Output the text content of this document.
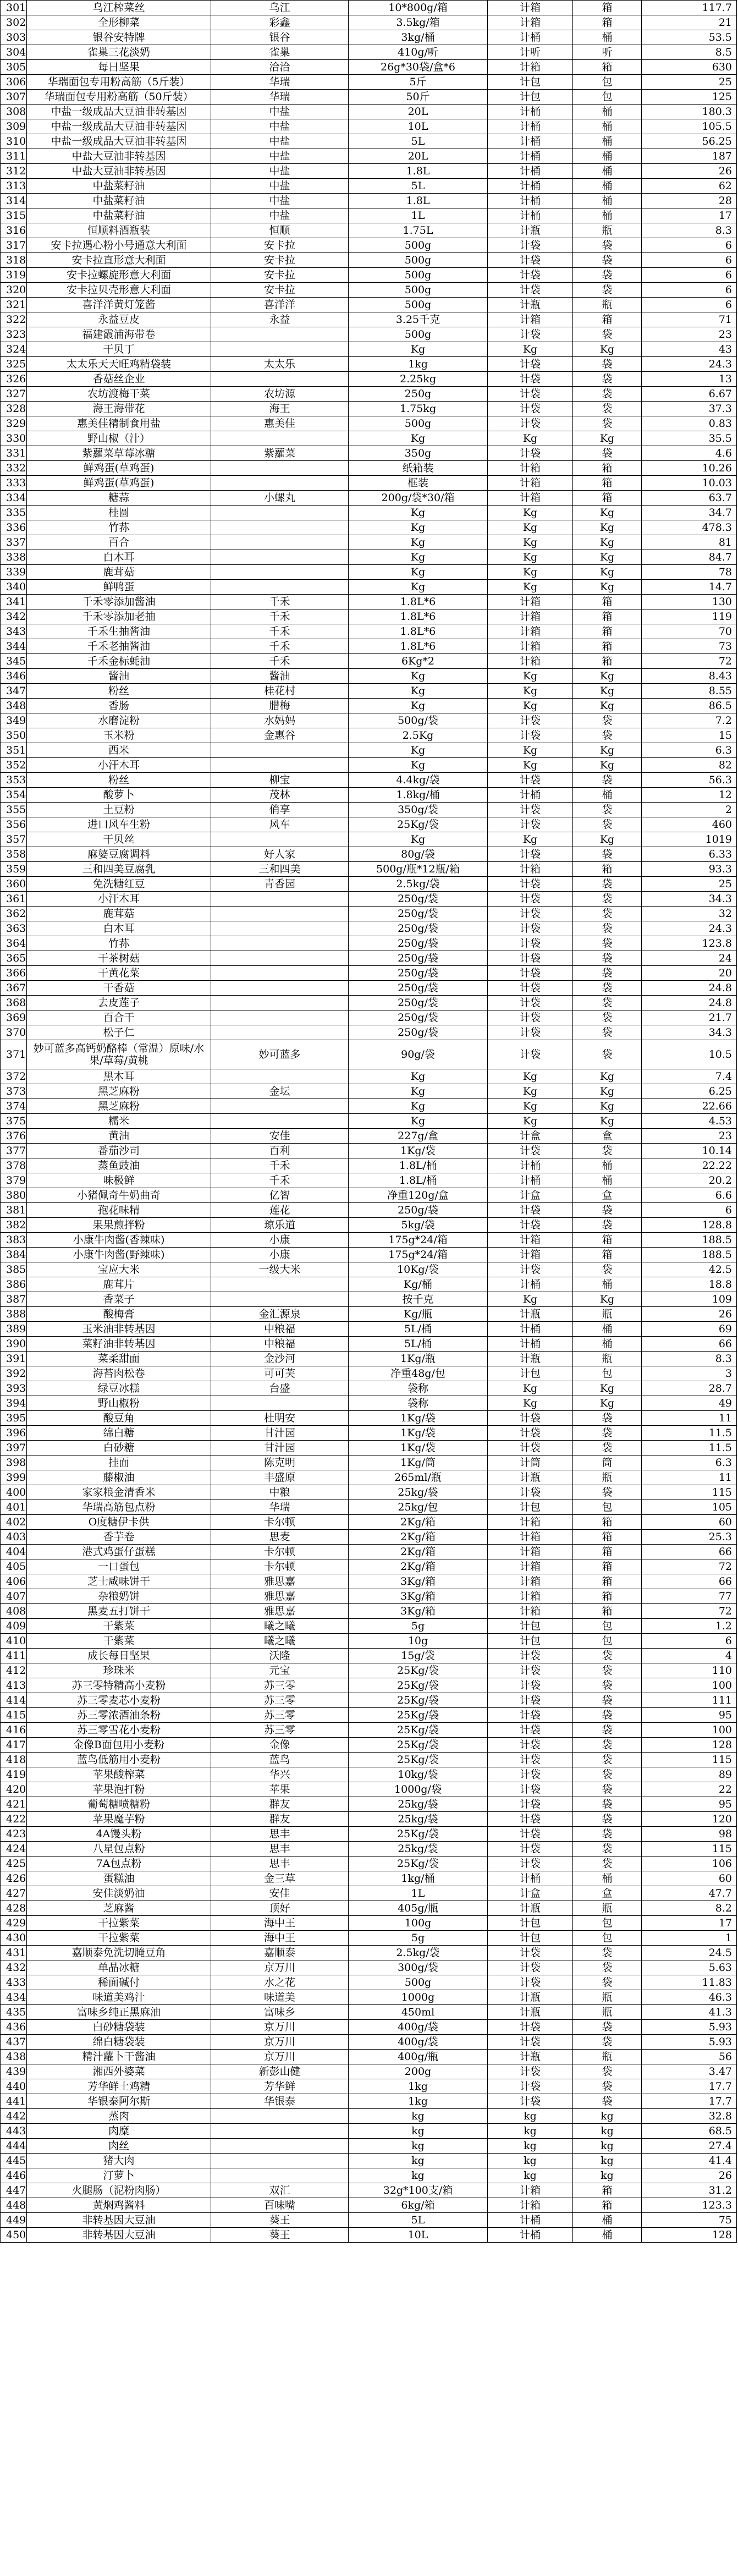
301	乌江榨菜丝	乌江	10*800g/箱	计箱	箱	117.7
302	全形柳菜	彩鑫	3.5kg/箱	计箱	箱	21
303	银谷安特牌	银谷	3kg/桶	计桶	桶	53.5
304	雀巢三花淡奶	雀巢	410g/听	计听	听	8.5
305	每日坚果	洽洽	26g*30袋/盒*6	计箱	箱	630
306	华瑞面包专用粉高筋（5斤装）	华瑞	5斤	计包	包	25
307	华瑞面包专用粉高筋（50斤装）	华瑞	50斤	计包	包	125
308	中盐一级成品大豆油非转基因	中盐	20L	计桶	桶	180.3
309	中盐一级成品大豆油非转基因	中盐	10L	计桶	桶	105.5
310	中盐一级成品大豆油非转基因	中盐	5L	计桶	桶	56.25
311	中盐大豆油非转基因	中盐	20L	计桶	桶	187
312	中盐大豆油非转基因	中盐	1.8L	计桶	桶	26
313	中盐菜籽油	中盐	5L	计桶	桶	62
314	中盐菜籽油	中盐	1.8L	计桶	桶	28
315	中盐菜籽油	中盐	1L	计桶	桶	17
316	恒顺料酒瓶装	恒顺	1.75L	计瓶	瓶	8.3
317	安卡拉遇心粉小号通意大利面	安卡拉	500g	计袋	袋	6
318	安卡拉直形意大利面	安卡拉	500g	计袋	袋	6
319	安卡拉螺旋形意大利面	安卡拉	500g	计袋	袋	6
320	安卡拉贝壳形意大利面	安卡拉	500g	计袋	袋	6
321	喜洋洋黄灯笼酱	喜洋洋	500g	计瓶	瓶	6
322	永益豆皮	永益	3.25千克	计箱	箱	71
323	福建霞浦海带卷		500g	计袋	袋	23
324	干贝丁		Kg	Kg	Kg	43
325	太太乐天天旺鸡精袋装	太太乐	1kg	计袋	袋	24.3
326	香菇丝企业		2.25kg	计袋	袋	13
327	农坊渡梅干菜	农坊源	250g	计袋	袋	6.67
328	海王海带花	海王	1.75kg	计袋	袋	37.3
329	惠美佳精制食用盐	惠美佳	500g	计袋	袋	0.83
330	野山椒（汁）		Kg	Kg	Kg	35.5
331	紫蘿菜草莓冰糖	紫蘿菜	350g	计袋	袋	4.6
332	鲜鸡蛋(草鸡蛋)		纸箱装	计箱	箱	10.26
333	鲜鸡蛋(草鸡蛋)		框装	计箱	箱	10.03
334	糖蒜	小螺丸	200g/袋*30/箱	计箱	箱	63.7
335	桂圆		Kg	Kg	Kg	34.7
336	竹荪		Kg	Kg	Kg	478.3
337	百合		Kg	Kg	Kg	81
338	白木耳		Kg	Kg	Kg	84.7
339	鹿茸菇		Kg	Kg	Kg	78
340	鲜鸭蛋		Kg	Kg	Kg	14.7
341	千禾零添加酱油	千禾	1.8L*6	计箱	箱	130
342	千禾零添加老抽	千禾	1.8L*6	计箱	箱	119
343	千禾生抽酱油	千禾	1.8L*6	计箱	箱	70
344	千禾老抽酱油	千禾	1.8L*6	计箱	箱	73
345	千禾金标蚝油	千禾	6Kg*2	计箱	箱	72
346	酱油	酱油	Kg	Kg	Kg	8.43
347	粉丝	桂花村	Kg	Kg	Kg	8.55
348	香肠	腊梅	Kg	Kg	Kg	86.5
349	水磨淀粉	水妈妈	500g/袋	计袋	袋	7.2
350	玉米粉	金惠谷	2.5Kg	计袋	袋	15
351	西米		Kg	Kg	Kg	6.3
352	小汗木耳		Kg	Kg	Kg	82
353	粉丝	柳宝	4.4kg/袋	计袋	袋	56.3
354	酸萝卜	茂林	1.8kg/桶	计桶	桶	12
355	土豆粉	俏享	350g/袋	计袋	袋	2
356	进口风车生粉	风车	25Kg/袋	计袋	袋	460
357	干贝丝		Kg	Kg	Kg	1019
358	麻婆豆腐调料	好人家	80g/袋	计袋	袋	6.33
359	三和四美豆腐乳	三和四美	500g/瓶*12瓶/箱	计箱	箱	93.3
360	免洗糖红豆	青香园	2.5kg/袋	计袋	袋	25
361	小汗木耳		250g/袋	计袋	袋	34.3
362	鹿茸菇		250g/袋	计袋	袋	32
363	白木耳		250g/袋	计袋	袋	24.3
364	竹荪		250g/袋	计袋	袋	123.8
365	干茶树菇		250g/袋	计袋	袋	24
366	干黄花菜		250g/袋	计袋	袋	20
367	干香菇		250g/袋	计袋	袋	24.8
368	去皮莲子		250g/袋	计袋	袋	24.8
369	百合干		250g/袋	计袋	袋	21.7
370	松子仁		250g/袋	计袋	袋	34.3
371	妙可蓝多高钙奶酪棒（常温）原味/水果/草莓/黄桃	妙可蓝多	90g/袋	计袋	袋	10.5
372	黑木耳		Kg	Kg	Kg	7.4
373	黑芝麻粉	金坛	Kg	Kg	Kg	6.25
374	黑芝麻粉		Kg	Kg	Kg	22.66
375	糯米		Kg	Kg	Kg	4.53
376	黄油	安佳	227g/盒	计盒	盒	23
377	番茄沙司	百利	1Kg/袋	计袋	袋	10.14
378	蒸鱼豉油	千禾	1.8L/桶	计桶	桶	22.22
379	味极鲜	千禾	1.8L/桶	计桶	桶	20.2
380	小猪佩奇牛奶曲奇	亿智	净重120g/盒	计盒	盒	6.6
381	孢花味精	莲花	250g/袋	计袋	袋	6
382	果果煎拌粉	琼乐道	5kg/袋	计袋	袋	128.8
383	小康牛肉酱(香辣味)	小康	175g*24/箱	计箱	箱	188.5
384	小康牛肉酱(野辣味)	小康	175g*24/箱	计箱	箱	188.5
385	宝应大米	一级大米	10Kg/袋	计袋	袋	42.5
386	鹿茸片		Kg/桶	计桶	桶	18.8
387	香菜子		按千克	Kg	Kg	109
388	酸梅膏	金汇源泉	Kg/瓶	计瓶	瓶	26
389	玉米油非转基因	中粮福	5L/桶	计桶	桶	69
390	菜籽油非转基因	中粮福	5L/桶	计桶	桶	66
391	菜柔甜面	金沙河	1Kg/瓶	计瓶	瓶	8.3
392	海苔肉松卷	可可芙	净重48g/包	计包	包	3
393	绿豆冰糕	台盛	袋称	Kg	Kg	28.7
394	野山椒粉		袋称	Kg	Kg	49
395	酸豆角	杜明安	1Kg/袋	计袋	袋	11
396	绵白糖	甘汁园	1Kg/袋	计袋	袋	11.5
397	白砂糖	甘汁园	1Kg/袋	计袋	袋	11.5
398	挂面	陈克明	1Kg/筒	计筒	筒	6.3
399	藤椒油	丰盛原	265ml/瓶	计瓶	瓶	11
400	家家粮金清香米	中粮	25kg/袋	计袋	袋	115
401	华瑞高筋包点粉	华瑞	25kg/包	计包	包	105
402	O度糖伊卡供	卡尔顿	2Kg/箱	计箱	箱	60
403	香芋卷	思麦	2Kg/箱	计箱	箱	25.3
404	港式鸡蛋仔蛋糕	卡尔顿	2Kg/箱	计箱	箱	66
405	一口蛋包	卡尔顿	2Kg/箱	计箱	箱	72
406	芝士咸味饼干	雅思嘉	3Kg/箱	计箱	箱	66
407	杂粮奶饼	雅思嘉	3Kg/箱	计箱	箱	77
408	黑麦五打饼干	雅思嘉	3Kg/箱	计箱	箱	72
409	干紫菜	曦之曦	5g	计包	包	1.2
410	干紫菜	曦之曦	10g	计包	包	6
411	成长每日坚果	沃隆	15g/袋	计袋	袋	4
412	珍珠米	元宝	25Kg/袋	计袋	袋	110
413	苏三零特精高小麦粉	苏三零	25Kg/袋	计袋	袋	100
414	苏三零麦芯小麦粉	苏三零	25Kg/袋	计袋	袋	111
415	苏三零浓酒油条粉	苏三零	25Kg/袋	计袋	袋	95
416	苏三零雪花小麦粉	苏三零	25Kg/袋	计袋	袋	100
417	金像B面包用小麦粉	金像	25Kg/袋	计袋	袋	128
418	蓝鸟低筋用小麦粉	蓝鸟	25Kg/袋	计袋	袋	115
419	苹果酸榨菜	华兴	10kg/袋	计袋	袋	89
420	苹果泡打粉	苹果	1000g/袋	计袋	袋	22
421	葡萄糖喷糖粉	群友	25kg/袋	计袋	袋	95
422	苹果魔芋粉	群友	25kg/袋	计袋	袋	120
423	4A馒头粉	思丰	25Kg/袋	计袋	袋	98
424	八星包点粉	思丰	25kg/袋	计袋	袋	115
425	7A包点粉	思丰	25Kg/袋	计袋	袋	106
426	蛋糕油	金三草	1kg/桶	计桶	桶	60
427	安佳淡奶油	安佳	1L	计盒	盒	47.7
428	芝麻酱	顶好	405g/瓶	计瓶	瓶	8.2
429	干拉紫菜	海中王	100g	计包	包	17
430	干拉紫菜	海中王	5g	计包	包	1
431	嘉顺泰免洗切腌豆角	嘉顺泰	2.5kg/袋	计袋	袋	24.5
432	单晶冰糖	京万川	300g/袋	计袋	袋	5.63
433	稀面碱付	水之花	500g	计袋	袋	11.83
434	味道美鸡汁	味道美	1000g	计瓶	瓶	46.3
435	富味乡纯正黑麻油	富味乡	450ml	计瓶	瓶	41.3
436	白砂糖袋装	京万川	400g/袋	计袋	袋	5.93
437	绵白糖袋装	京万川	400g/袋	计袋	袋	5.93
438	精汁蘿卜干酱油	京万川	400g/瓶	计瓶	瓶	56
439	湘西外婆菜	新彭山健	200g	计袋	袋	3.47
440	芳华鲜土鸡精	芳华鲜	1kg	计袋	袋	17.7
441	华银泰阿尔斯	华银泰	1kg	计袋	袋	17.7
442	蒸肉		kg	kg	kg	32.8
443	肉糜		kg	kg	kg	68.5
444	肉丝		kg	kg	kg	27.4
445	猪大肉		kg	kg	kg	41.4
446	汀萝卜		kg	kg	kg	26
447	火腿肠（泥粉肉肠）	双汇	32g*100支/箱	计箱	箱	31.2
448	黄焖鸡酱料	百味嘴	6kg/箱	计箱	箱	123.3
449	非转基因大豆油	葵王	5L	计桶	桶	75
450	非转基因大豆油	葵王	10L	计桶	桶	128
